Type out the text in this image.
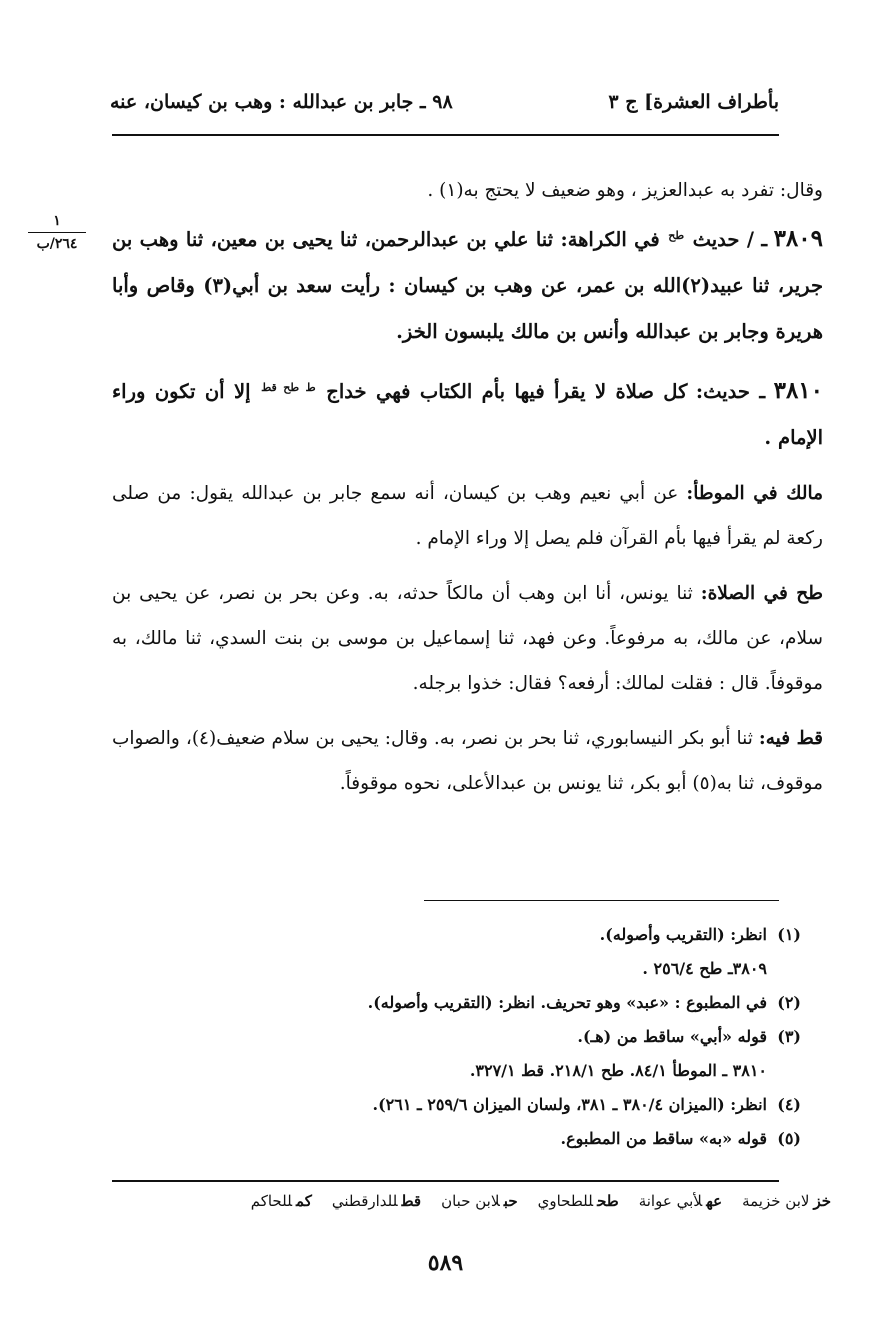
بأطراف العشرة] ج ٣
٩٨ ـ جابر بن عبدالله : وهب بن كيسان، عنه
١
٢٦٤/ب

وقال: تفرد به عبدالعزيز ، وهو ضعيف لا يحتج به(١) .

٣٨٠٩ ـ / حديث $^{طح}$ في الكراهة: ثنا علي بن عبدالرحمن، ثنا يحيى بن معين، ثنا وهب بن جرير، ثنا عبيد(٢)الله بن عمر، عن وهب بن كيسان : رأيت سعد بن أبي(٣) وقاص وأبا هريرة وجابر بن عبدالله وأنس بن مالك يلبسون الخز.

٣٨١٠ ـ حديث: كل صلاة لا يقرأ فيها بأم الكتاب فهي خداج $^{ط طح قط}$ إلا أن تكون وراء الإمام .

مالك في الموطأ: عن أبي نعيم وهب بن كيسان، أنه سمع جابر بن عبدالله يقول: من صلى ركعة لم يقرأ فيها بأم القرآن فلم يصل إلا وراء الإمام .

طح في الصلاة: ثنا يونس، أنا ابن وهب أن مالكاً حدثه، به. وعن بحر بن نصر، عن يحيى بن سلام، عن مالك، به مرفوعاً. وعن فهد، ثنا إسماعيل بن موسى بن بنت السدي، ثنا مالك، به موقوفاً. قال : فقلت لمالك: أرفعه؟ فقال: خذوا برجله.

قط فيه: ثنا أبو بكر النيسابوري، ثنا بحر بن نصر، به. وقال: يحيى بن سلام ضعيف(٤)، والصواب موقوف، ثنا به(٥) أبو بكر، ثنا يونس بن عبدالأعلى، نحوه موقوفاً.

(١)انظر: (التقريب وأصوله).

٣٨٠٩ـ طح ٢٥٦/٤ .

(٢)في المطبوع : «عبد» وهو تحريف. انظر: (التقريب وأصوله).

(٣)قوله «أبي» ساقط من (هـ).

٣٨١٠ ـ الموطأ ٨٤/١. طح ٢١٨/١. قط ٣٢٧/١.

(٤)انظر: (الميزان ٣٨٠/٤ ـ ٣٨١، ولسان الميزان ٢٥٩/٦ ـ ٢٦١).

(٥)قوله «به» ساقط من المطبوع.

خزلابن خزيمة
عهلأبي عوانة
طحللطحاوي
حبلابن حبان
قطللدارقطني
كمللحاكم
٥٨٩
